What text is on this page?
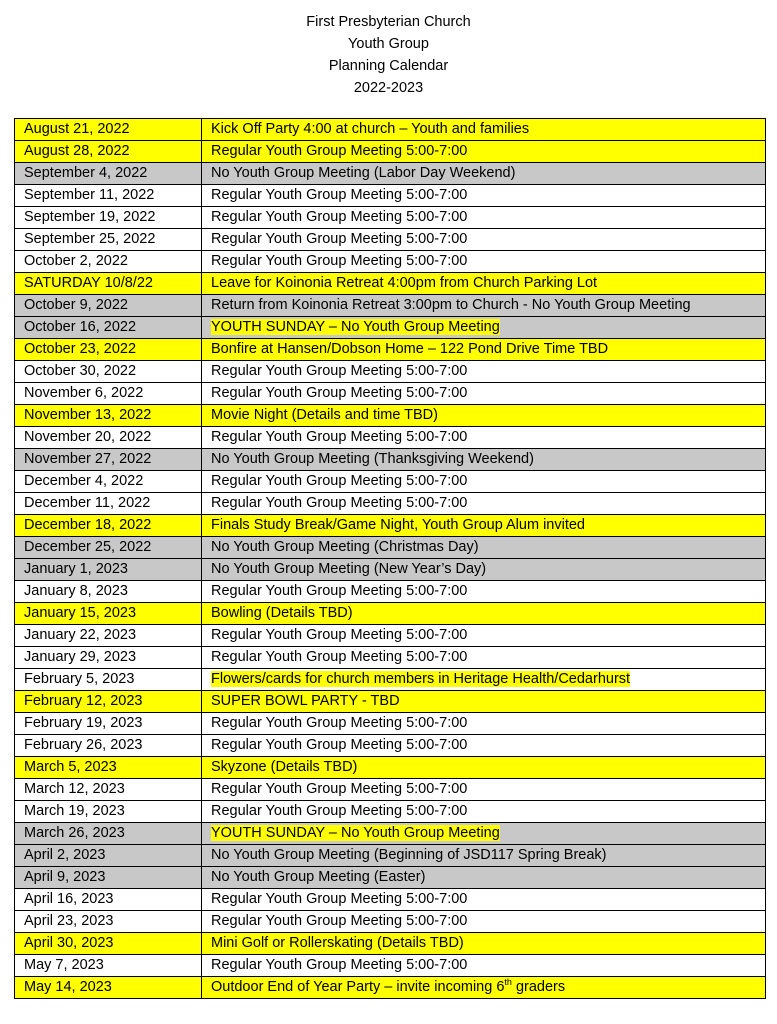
First Presbyterian Church
Youth Group
Planning Calendar
2022-2023
August 21, 2022	Kick Off Party 4:00 at church – Youth and families
August 28, 2022	Regular Youth Group Meeting 5:00-7:00
September 4, 2022	No Youth Group Meeting (Labor Day Weekend)
September 11, 2022	Regular Youth Group Meeting 5:00-7:00
September 19, 2022	Regular Youth Group Meeting 5:00-7:00
September 25, 2022	Regular Youth Group Meeting 5:00-7:00
October 2, 2022	Regular Youth Group Meeting 5:00-7:00
SATURDAY 10/8/22	Leave for Koinonia Retreat 4:00pm from Church Parking Lot
October 9, 2022	Return from Koinonia Retreat 3:00pm to Church - No Youth Group Meeting
October 16, 2022	YOUTH SUNDAY – No Youth Group Meeting
October 23, 2022	Bonfire at Hansen/Dobson Home – 122 Pond Drive Time TBD
October 30, 2022	Regular Youth Group Meeting 5:00-7:00
November 6, 2022	Regular Youth Group Meeting 5:00-7:00
November 13, 2022	Movie Night (Details and time TBD)
November 20, 2022	Regular Youth Group Meeting 5:00-7:00
November 27, 2022	No Youth Group Meeting (Thanksgiving Weekend)
December 4, 2022	Regular Youth Group Meeting 5:00-7:00
December 11, 2022	Regular Youth Group Meeting 5:00-7:00
December 18, 2022	Finals Study Break/Game Night, Youth Group Alum invited
December 25, 2022	No Youth Group Meeting (Christmas Day)
January 1, 2023	No Youth Group Meeting (New Year’s Day)
January 8, 2023	Regular Youth Group Meeting 5:00-7:00
January 15, 2023	Bowling (Details TBD)
January 22, 2023	Regular Youth Group Meeting 5:00-7:00
January 29, 2023	Regular Youth Group Meeting 5:00-7:00
February 5, 2023	Flowers/cards for church members in Heritage Health/Cedarhurst
February 12, 2023	SUPER BOWL PARTY - TBD
February 19, 2023	Regular Youth Group Meeting 5:00-7:00
February 26, 2023	Regular Youth Group Meeting 5:00-7:00
March 5, 2023	Skyzone (Details TBD)
March 12, 2023	Regular Youth Group Meeting 5:00-7:00
March 19, 2023	Regular Youth Group Meeting 5:00-7:00
March 26, 2023	YOUTH SUNDAY – No Youth Group Meeting
April 2, 2023	No Youth Group Meeting (Beginning of JSD117 Spring Break)
April 9, 2023	No Youth Group Meeting (Easter)
April 16, 2023	Regular Youth Group Meeting 5:00-7:00
April 23, 2023	Regular Youth Group Meeting 5:00-7:00
April 30, 2023	Mini Golf or Rollerskating (Details TBD)
May 7, 2023	Regular Youth Group Meeting 5:00-7:00
May 14, 2023	Outdoor End of Year Party – invite incoming 6th graders
